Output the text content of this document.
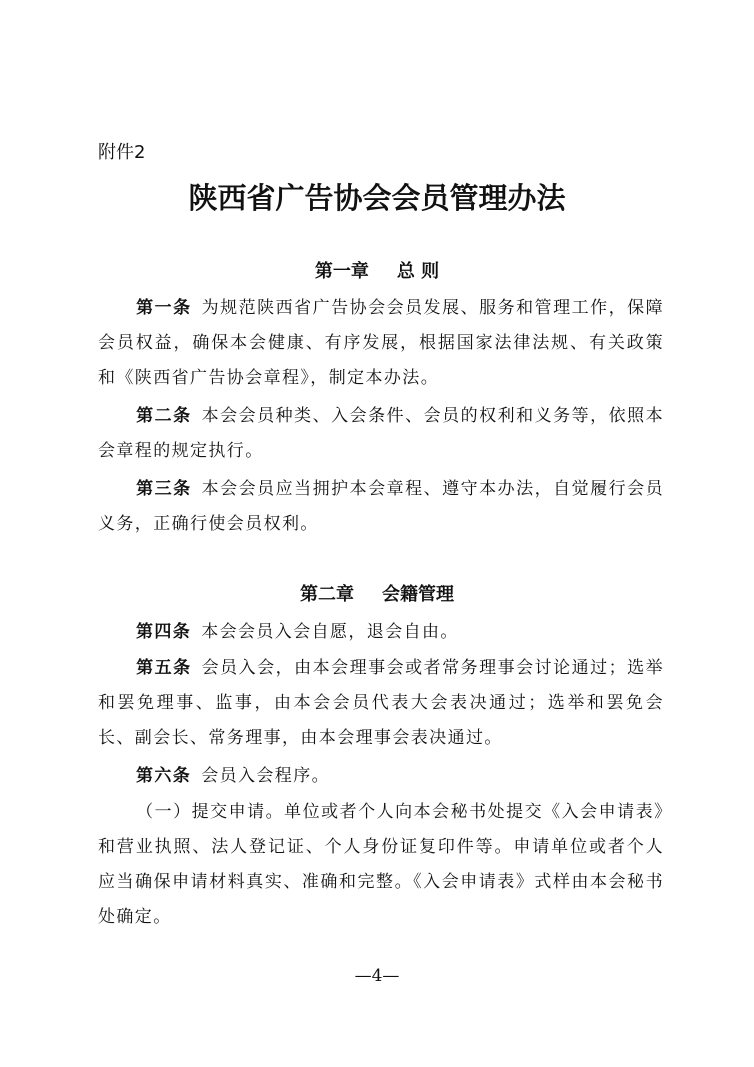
附件2
陕西省广告协会会员管理办法
第一章 总 则
第一条 为规范陕西省广告协会会员发展、服务和管理工作，保障会员权益，确保本会健康、有序发展，根据国家法律法规、有关政策和《陕西省广告协会章程》，制定本办法。
第二条 本会会员种类、入会条件、会员的权利和义务等，依照本会章程的规定执行。
第三条 本会会员应当拥护本会章程、遵守本办法，自觉履行会员义务，正确行使会员权利。
第二章 会籍管理
第四条 本会会员入会自愿，退会自由。
第五条 会员入会，由本会理事会或者常务理事会讨论通过；选举和罢免理事、监事，由本会会员代表大会表决通过；选举和罢免会长、副会长、常务理事，由本会理事会表决通过。
第六条 会员入会程序。
（一）提交申请。单位或者个人向本会秘书处提交《入会申请表》和营业执照、法人登记证、个人身份证复印件等。申请单位或者个人应当确保申请材料真实、准确和完整。《入会申请表》式样由本会秘书处确定。
—4—
